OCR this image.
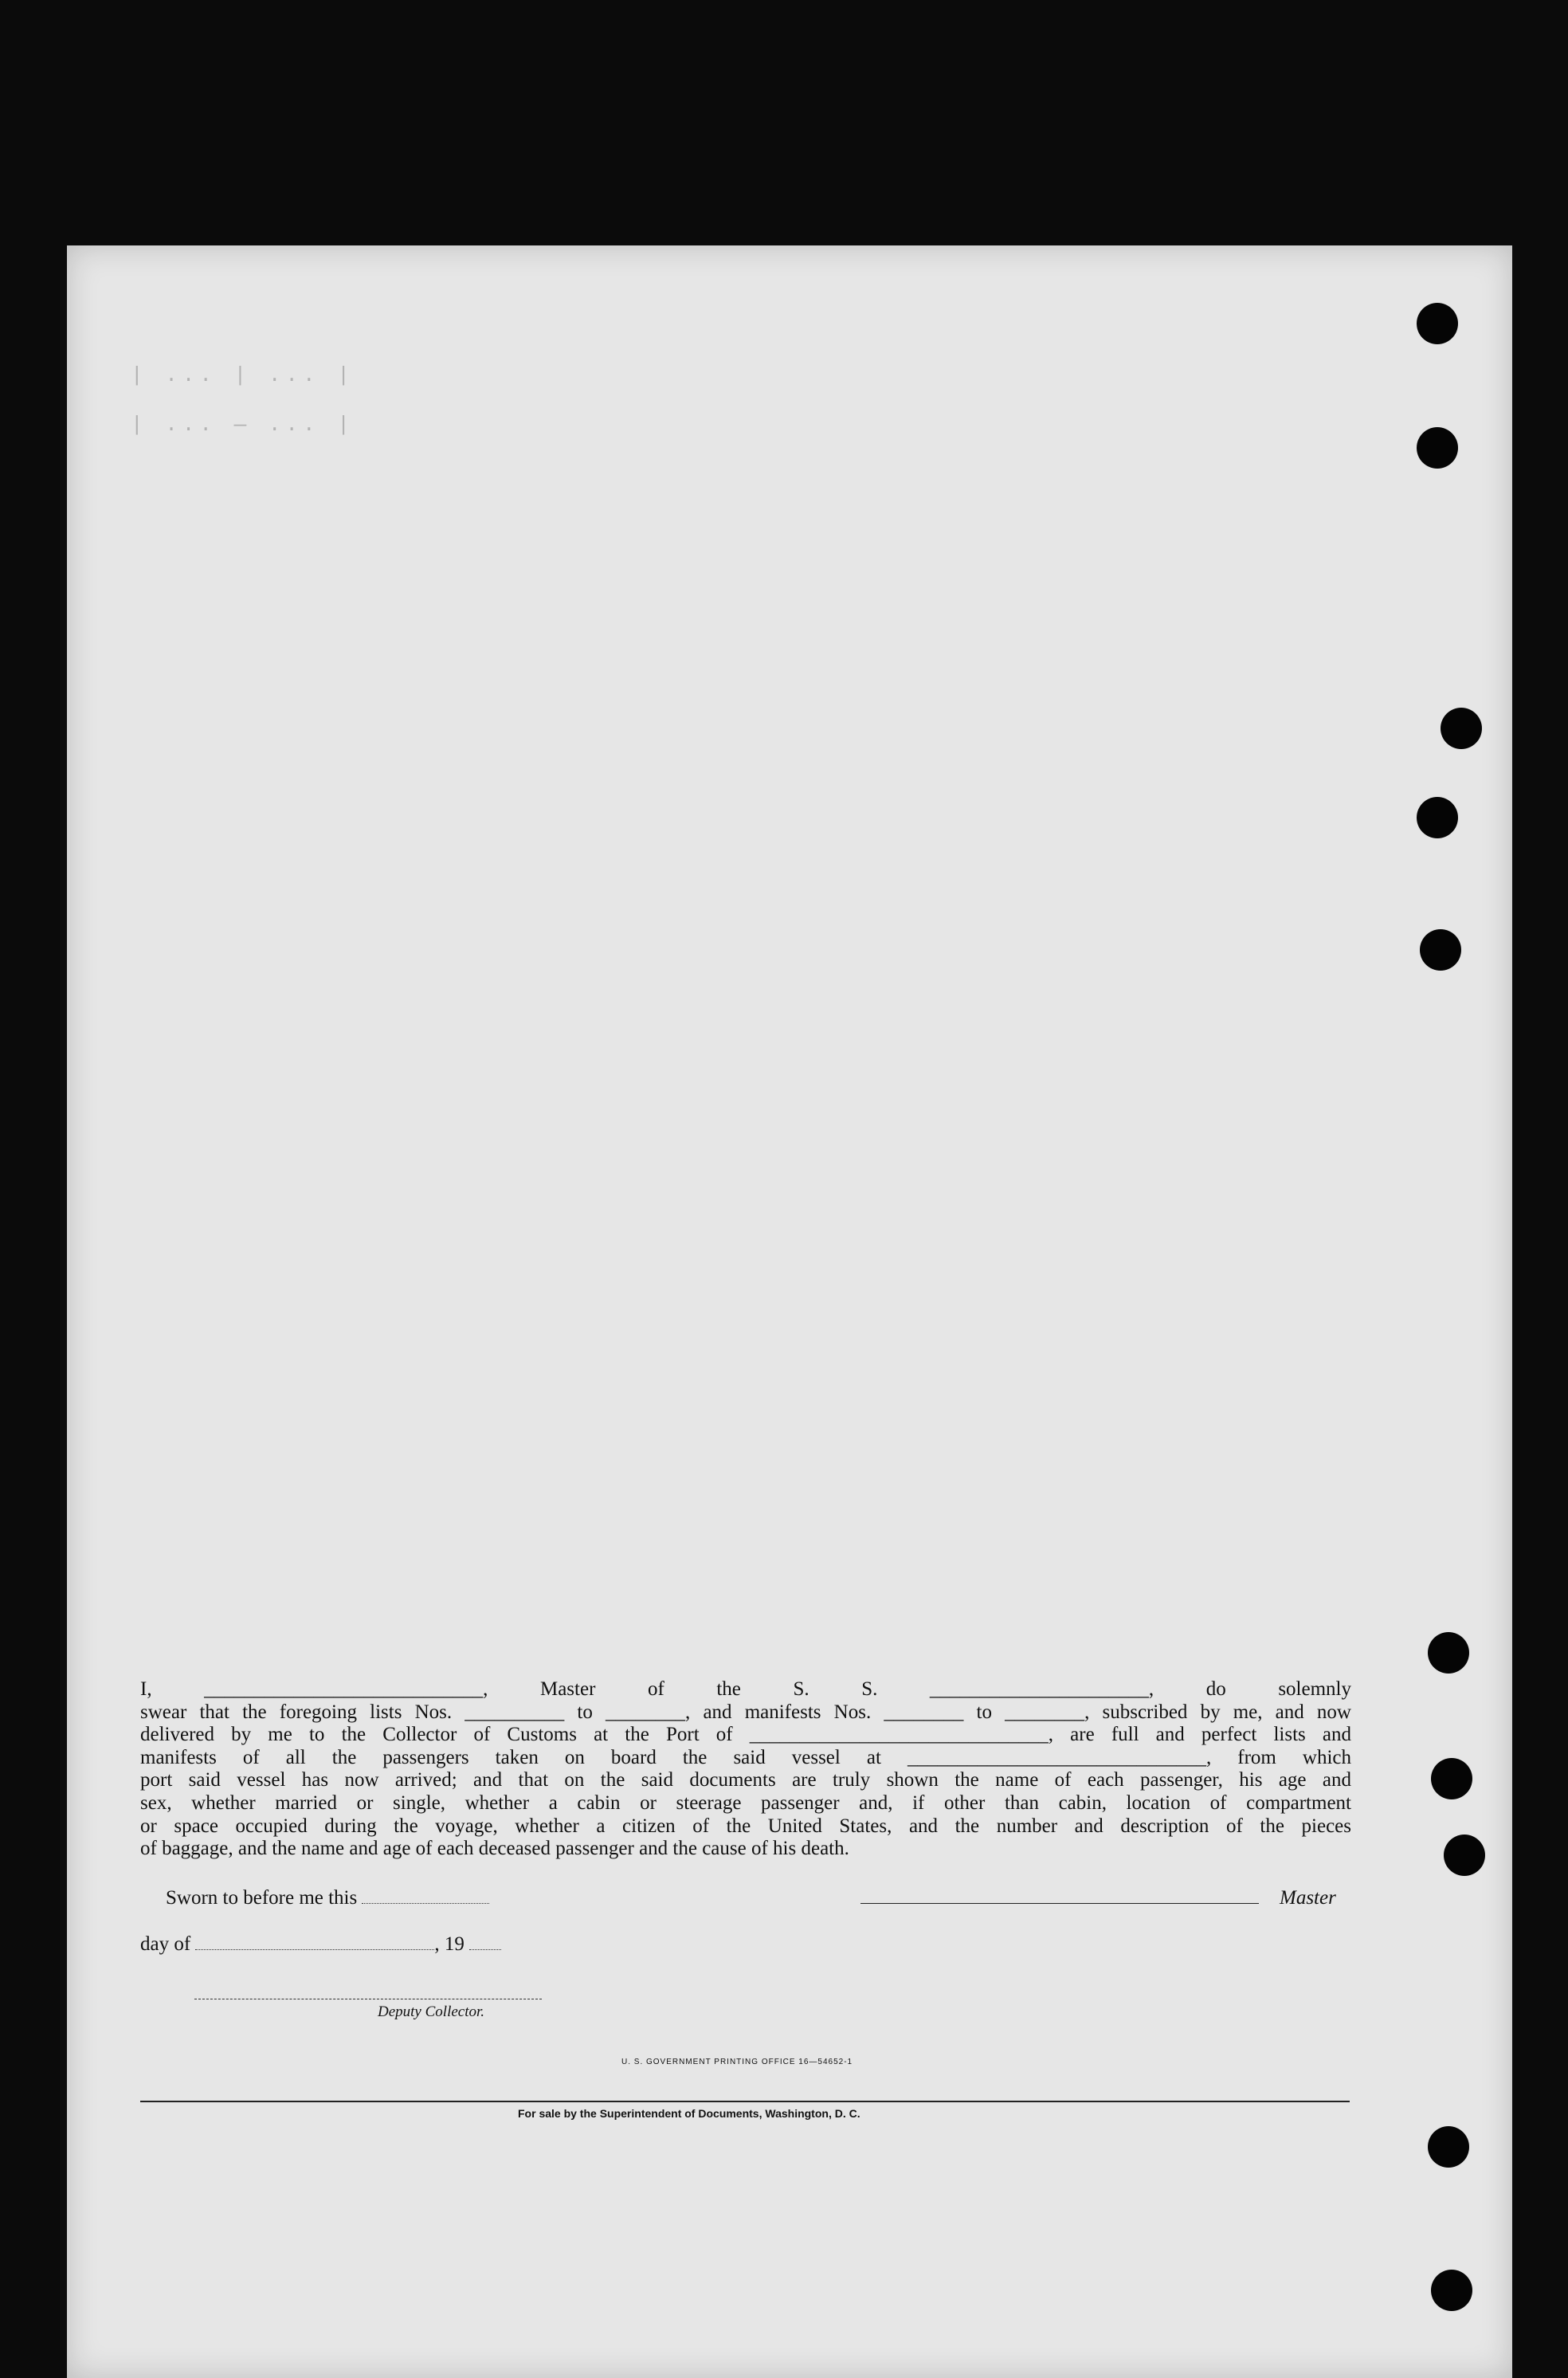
| ... | ... |
| ... — ... |
I, ____________________________, Master of the S. S. ______________________, do solemnly
swear that the foregoing lists Nos. __________ to ________, and manifests Nos. ________ to ________, subscribed by me, and now
delivered by me to the Collector of Customs at the Port of ______________________________, are full and perfect lists and
manifests of all the passengers taken on board the said vessel at ______________________________, from which
port said vessel has now arrived; and that on the said documents are truly shown the name of each passenger, his age and
sex, whether married or single, whether a cabin or steerage passenger and, if other than cabin, location of compartment
or space occupied during the voyage, whether a citizen of the United States, and the number and description of the pieces
of baggage, and the name and age of each deceased passenger and the cause of his death.
Sworn to before me this	Master
day of	, 19
Deputy Collector.
U. S. GOVERNMENT PRINTING OFFICE 16—54652-1
For sale by the Superintendent of Documents, Washington, D. C.
